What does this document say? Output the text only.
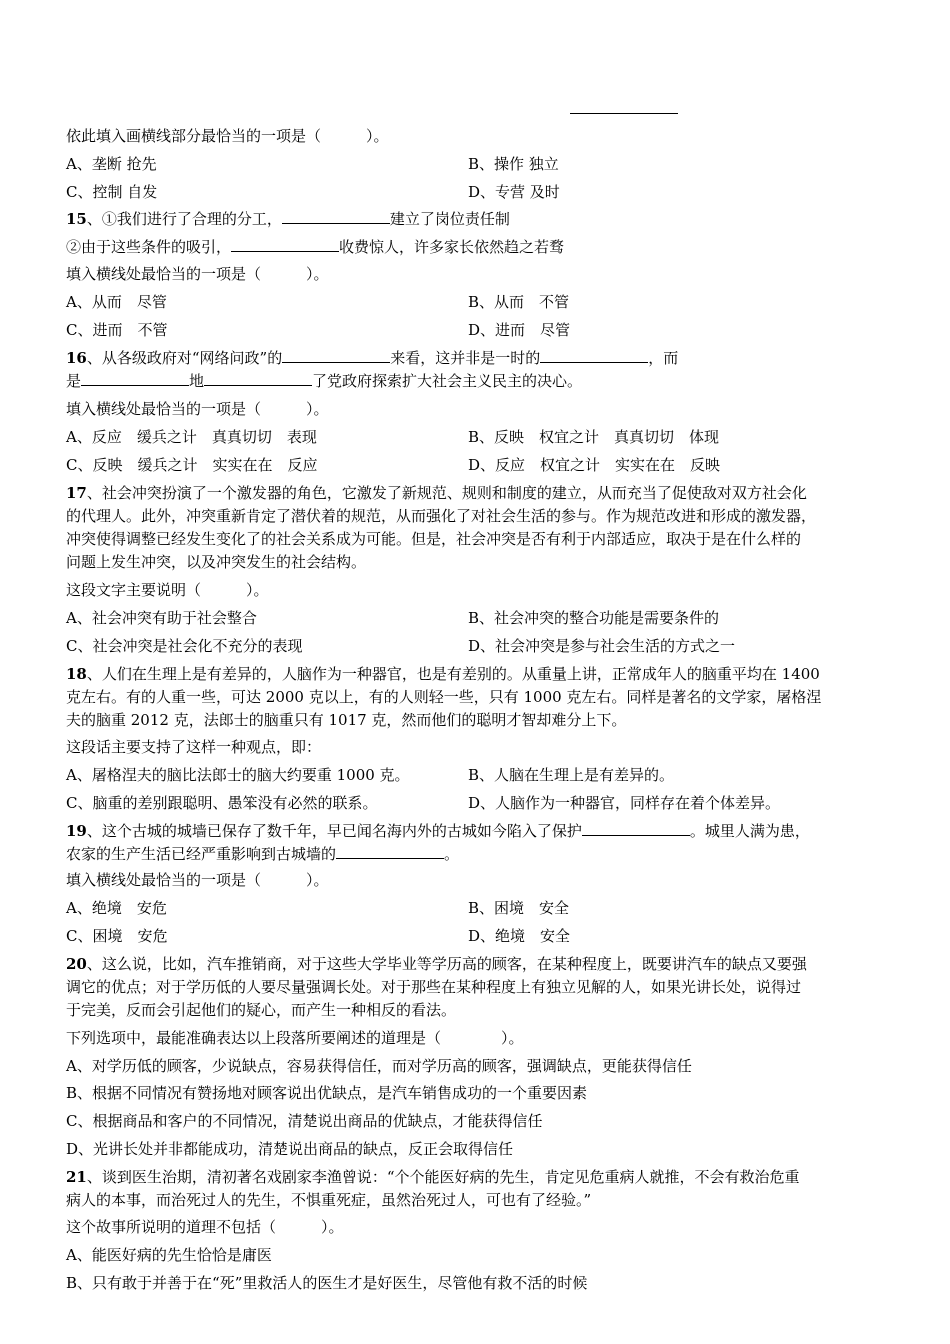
依此填入画横线部分最恰当的一项是（　　　）。
A、垄断 抢先	B、操作 独立
C、控制 自发	D、专营 及时
15、①我们进行了合理的分工，	建立了岗位责任制
②由于这些条件的吸引，	收费惊人，许多家长依然趋之若骛
填入横线处最恰当的一项是（　　　）。
A、从而　尽管	B、从而　不管
C、进而　不管	D、进而　尽管
16、从各级政府对“网络问政”的	来看，这并非是一时的	，而
是	地	了党政府探索扩大社会主义民主的决心。
填入横线处最恰当的一项是（　　　）。
A、反应　缓兵之计　真真切切　表现	B、反映　权宜之计　真真切切　体现
C、反映　缓兵之计　实实在在　反应	D、反应　权宜之计　实实在在　反映
17、社会冲突扮演了一个激发器的角色，它激发了新规范、规则和制度的建立，从而充当了促使敌对双方社会化
的代理人。此外，冲突重新肯定了潜伏着的规范，从而强化了对社会生活的参与。作为规范改进和形成的激发器，
冲突使得调整已经发生变化了的社会关系成为可能。但是，社会冲突是否有利于内部适应，取决于是在什么样的
问题上发生冲突，以及冲突发生的社会结构。
这段文字主要说明（　　　）。
A、社会冲突有助于社会整合	B、社会冲突的整合功能是需要条件的
C、社会冲突是社会化不充分的表现	D、社会冲突是参与社会生活的方式之一
18、人们在生理上是有差异的，人脑作为一种器官，也是有差别的。从重量上讲，正常成年人的脑重平均在 1400
克左右。有的人重一些，可达 2000 克以上，有的人则轻一些，只有 1000 克左右。同样是著名的文学家，屠格涅
夫的脑重 2012 克，法郎士的脑重只有 1017 克，然而他们的聪明才智却难分上下。
这段话主要支持了这样一种观点，即：
A、屠格涅夫的脑比法郎士的脑大约要重 1000 克。	B、人脑在生理上是有差异的。
C、脑重的差别跟聪明、愚笨没有必然的联系。	D、人脑作为一种器官，同样存在着个体差异。
19、这个古城的城墙已保存了数千年，早已闻名海内外的古城如今陷入了保护	。城里人满为患，
农家的生产生活已经严重影响到古城墙的	。
填入横线处最恰当的一项是（　　　）。
A、绝境　安危	B、困境　安全
C、困境　安危	D、绝境　安全
20、这么说，比如，汽车推销商，对于这些大学毕业等学历高的顾客，在某种程度上，既要讲汽车的缺点又要强
调它的优点；对于学历低的人要尽量强调长处。对于那些在某种程度上有独立见解的人，如果光讲长处，说得过
于完美，反而会引起他们的疑心，而产生一种相反的看法。
下列选项中，最能准确表达以上段落所要阐述的道理是（　　　　）。
A、对学历低的顾客，少说缺点，容易获得信任，而对学历高的顾客，强调缺点，更能获得信任
B、根据不同情况有赞扬地对顾客说出优缺点，是汽车销售成功的一个重要因素
C、根据商品和客户的不同情况，清楚说出商品的优缺点，才能获得信任
D、光讲长处并非都能成功，清楚说出商品的缺点，反正会取得信任
21、谈到医生治期，清初著名戏剧家李渔曾说：“个个能医好病的先生，肯定见危重病人就推，不会有救治危重
病人的本事，而治死过人的先生，不惧重死症，虽然治死过人，可也有了经验。”
这个故事所说明的道理不包括（　　　）。
A、能医好病的先生恰恰是庸医
B、只有敢于并善于在“死”里救活人的医生才是好医生，尽管他有救不活的时候
